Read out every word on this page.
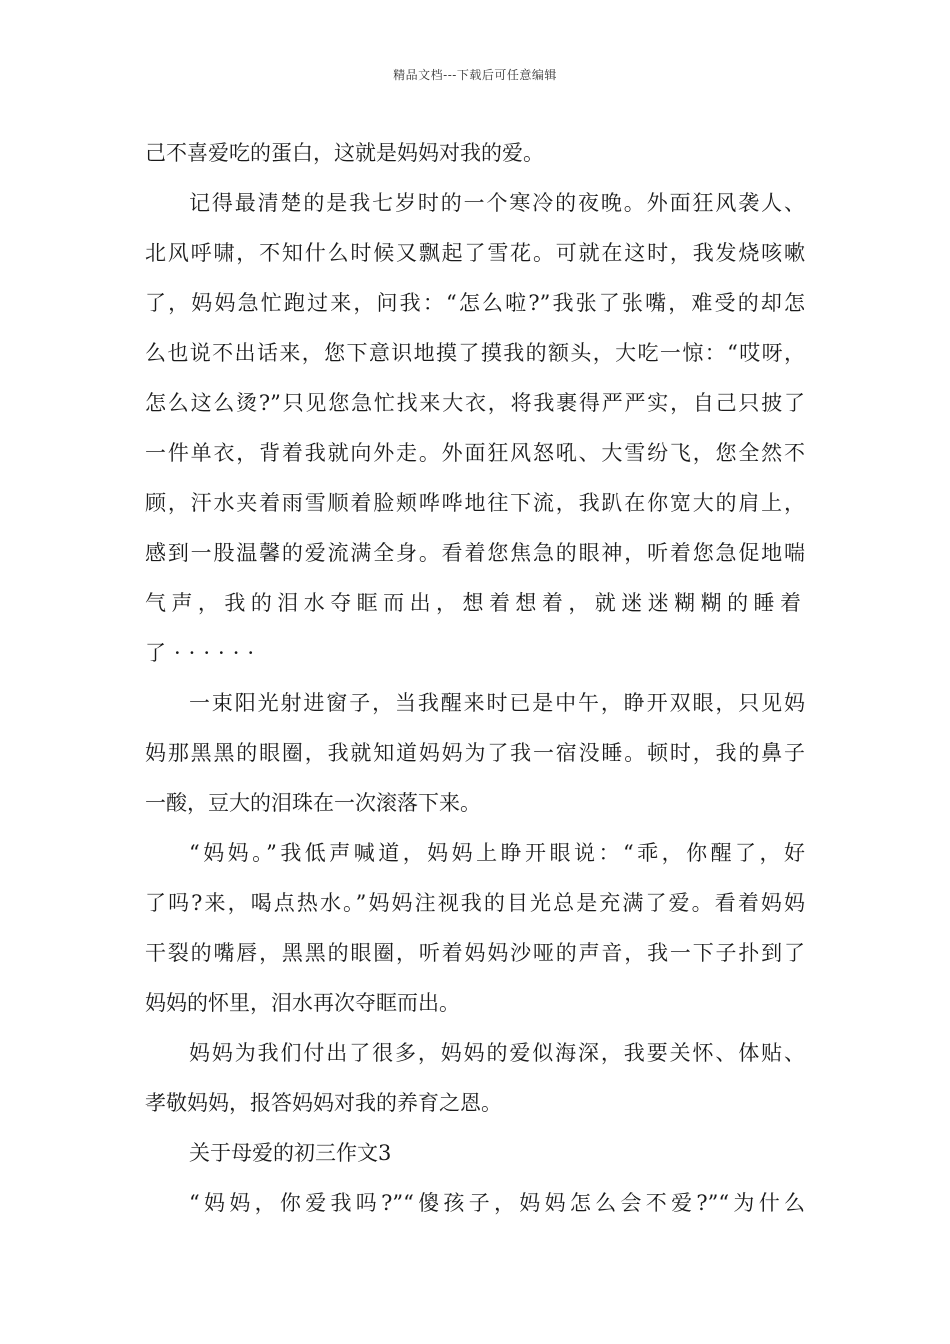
精品文档---下载后可任意编辑
己不喜爱吃的蛋白，这就是妈妈对我的爱。
记得最清楚的是我七岁时的一个寒冷的夜晚。外面狂风袭人、
北风呼啸，不知什么时候又飘起了雪花。可就在这时，我发烧咳嗽
了，妈妈急忙跑过来，问我：“怎么啦?”我张了张嘴，难受的却怎
么也说不出话来，您下意识地摸了摸我的额头，大吃一惊：“哎呀，
怎么这么烫?”只见您急忙找来大衣，将我裹得严严实，自己只披了
一件单衣，背着我就向外走。外面狂风怒吼、大雪纷飞，您全然不
顾，汗水夹着雨雪顺着脸颊哗哗地往下流，我趴在你宽大的肩上，
感到一股温馨的爱流满全身。看着您焦急的眼神，听着您急促地喘
气声，我的泪水夺眶而出，想着想着，就迷迷糊糊的睡着
了······
一束阳光射进窗子，当我醒来时已是中午，睁开双眼，只见妈
妈那黑黑的眼圈，我就知道妈妈为了我一宿没睡。顿时，我的鼻子
一酸，豆大的泪珠在一次滚落下来。
“妈妈。”我低声喊道，妈妈上睁开眼说：“乖，你醒了，好
了吗?来，喝点热水。”妈妈注视我的目光总是充满了爱。看着妈妈
干裂的嘴唇，黑黑的眼圈，听着妈妈沙哑的声音，我一下子扑到了
妈妈的怀里，泪水再次夺眶而出。
妈妈为我们付出了很多，妈妈的爱似海深，我要关怀、体贴、
孝敬妈妈，报答妈妈对我的养育之恩。
关于母爱的初三作文3
“妈妈，你爱我吗?”“傻孩子，妈妈怎么会不爱?”“为什么
